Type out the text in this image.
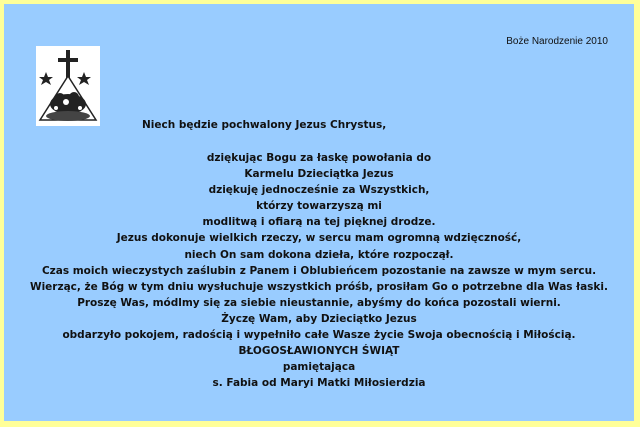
Boże Narodzenie 2010
Niech będzie pochwalony Jezus Chrystus,
dziękując Bogu za łaskę powołania do
Karmelu Dzieciątka Jezus
dziękuję jednocześnie za Wszystkich,
którzy towarzyszą mi
modlitwą i ofiarą na tej pięknej drodze.
Jezus dokonuje wielkich rzeczy, w sercu mam ogromną wdzięczność,
niech On sam dokona dzieła, które rozpoczął.
Czas moich wieczystych zaślubin z Panem i Oblubieńcem pozostanie na zawsze w mym sercu.
Wierząc, że Bóg w tym dniu wysłuchuje wszystkich próśb, prosiłam Go o potrzebne dla Was łaski.
Proszę Was, módlmy się za siebie nieustannie, abyśmy do końca pozostali wierni.
Życzę Wam, aby Dzieciątko Jezus
obdarzyło pokojem, radością i wypełniło całe Wasze życie Swoja obecnością i Miłością.
BŁOGOSŁAWIONYCH ŚWIĄT
pamiętająca
s. Fabia od Maryi Matki Miłosierdzia
